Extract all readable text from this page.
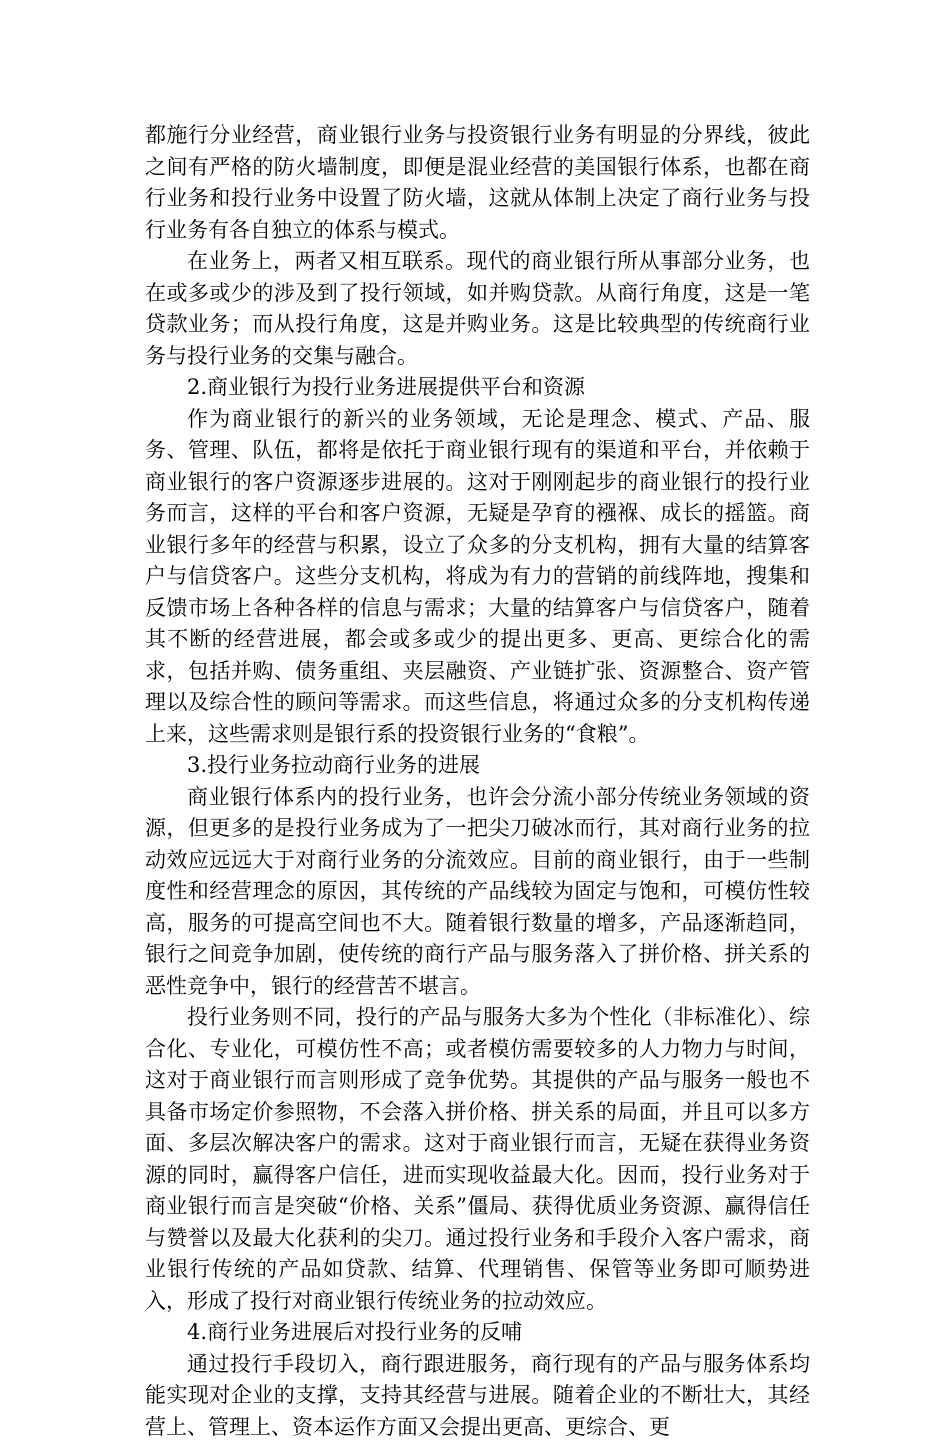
都施行分业经营，商业银行业务与投资银行业务有明显的分界线，彼此之间有严格的防火墙制度，即便是混业经营的美国银行体系，也都在商行业务和投行业务中设置了防火墙，这就从体制上决定了商行业务与投行业务有各自独立的体系与模式。

在业务上，两者又相互联系。现代的商业银行所从事部分业务，也在或多或少的涉及到了投行领域，如并购贷款。从商行角度，这是一笔贷款业务；而从投行角度，这是并购业务。这是比较典型的传统商行业务与投行业务的交集与融合。

2.商业银行为投行业务进展提供平台和资源

作为商业银行的新兴的业务领域，无论是理念、模式、产品、服务、管理、队伍，都将是依托于商业银行现有的渠道和平台，并依赖于商业银行的客户资源逐步进展的。这对于刚刚起步的商业银行的投行业务而言，这样的平台和客户资源，无疑是孕育的襁褓、成长的摇篮。商业银行多年的经营与积累，设立了众多的分支机构，拥有大量的结算客户与信贷客户。这些分支机构，将成为有力的营销的前线阵地，搜集和反馈市场上各种各样的信息与需求；大量的结算客户与信贷客户，随着其不断的经营进展，都会或多或少的提出更多、更高、更综合化的需求，包括并购、债务重组、夹层融资、产业链扩张、资源整合、资产管理以及综合性的顾问等需求。而这些信息，将通过众多的分支机构传递上来，这些需求则是银行系的投资银行业务的“食粮”。

3.投行业务拉动商行业务的进展

商业银行体系内的投行业务，也许会分流小部分传统业务领域的资源，但更多的是投行业务成为了一把尖刀破冰而行，其对商行业务的拉动效应远远大于对商行业务的分流效应。目前的商业银行，由于一些制度性和经营理念的原因，其传统的产品线较为固定与饱和，可模仿性较高，服务的可提高空间也不大。随着银行数量的增多，产品逐渐趋同，银行之间竞争加剧，使传统的商行产品与服务落入了拼价格、拼关系的恶性竞争中，银行的经营苦不堪言。

投行业务则不同，投行的产品与服务大多为个性化（非标准化）、综合化、专业化，可模仿性不高；或者模仿需要较多的人力物力与时间，这对于商业银行而言则形成了竞争优势。其提供的产品与服务一般也不具备市场定价参照物，不会落入拼价格、拼关系的局面，并且可以多方面、多层次解决客户的需求。这对于商业银行而言，无疑在获得业务资源的同时，赢得客户信任，进而实现收益最大化。因而，投行业务对于商业银行而言是突破“价格、关系”僵局、获得优质业务资源、赢得信任与赞誉以及最大化获利的尖刀。通过投行业务和手段介入客户需求，商业银行传统的产品如贷款、结算、代理销售、保管等业务即可顺势进入，形成了投行对商业银行传统业务的拉动效应。

4.商行业务进展后对投行业务的反哺

通过投行手段切入，商行跟进服务，商行现有的产品与服务体系均能实现对企业的支撑，支持其经营与进展。随着企业的不断壮大，其经营上、管理上、资本运作方面又会提出更高、更综合、更
